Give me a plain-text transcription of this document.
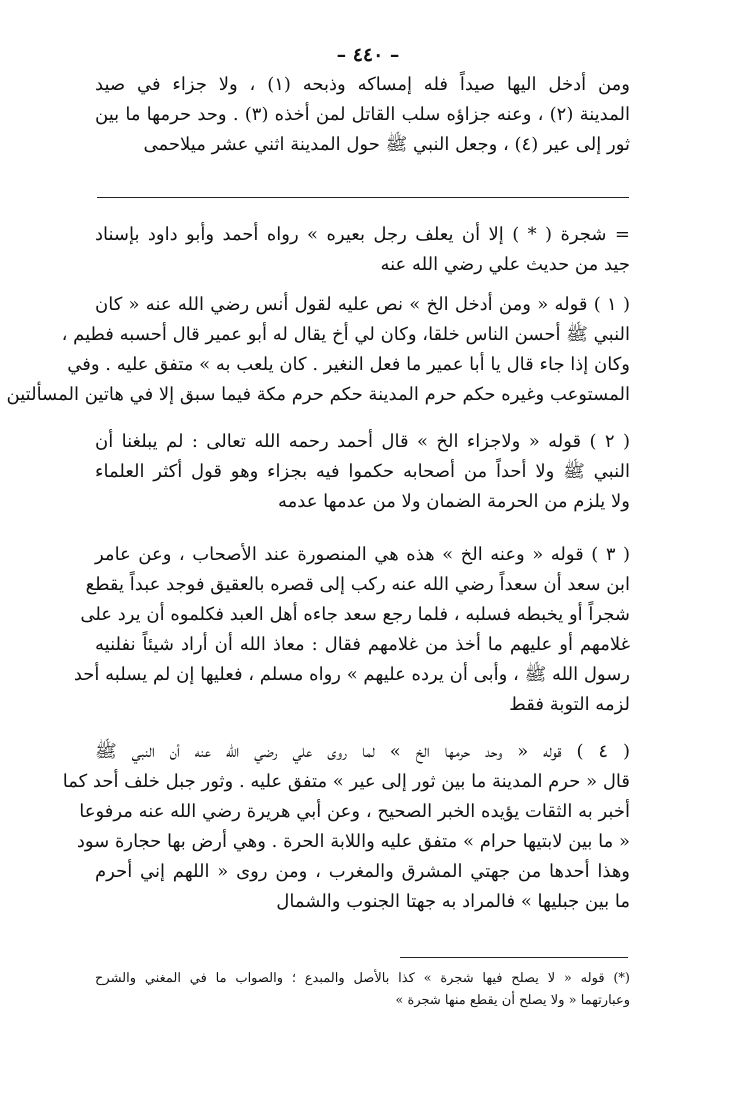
– ٤٤٠ –
ومن أدخل اليها صيداً فله إمساكه وذبحه (١) ، ولا جزاء في صيد
المدينة (٢) ، وعنه جزاؤه سلب القاتل لمن أخذه (٣) . وحد حرمها ما بين
ثور إلى عير (٤) ، وجعل النبي ﷺ حول المدينة اثني عشر ميلاحمى
= شجرة ( * ) إلا أن يعلف رجل بعيره » رواه أحمد وأبو داود بإسناد
جيد من حديث علي رضي الله عنه
( ١ ) قوله « ومن أدخل الخ » نص عليه لقول أنس رضي الله عنه « كان
النبي ﷺ أحسن الناس خلقا، وكان لي أخ يقال له أبو عمير قال أحسبه فطيم ،
وكان إذا جاء قال يا أبا عمير ما فعل النغير . كان يلعب به » متفق عليه . وفي
المستوعب وغيره حكم حرم المدينة حكم حرم مكة فيما سبق إلا في هاتين المسألتين
( ٢ ) قوله « ولاجزاء الخ » قال أحمد رحمه الله تعالى : لم يبلغنا أن
النبي ﷺ ولا أحداً من أصحابه حكموا فيه بجزاء وهو قول أكثر العلماء
ولا يلزم من الحرمة الضمان ولا من عدمها عدمه
( ٣ ) قوله « وعنه الخ » هذه هي المنصورة عند الأصحاب ، وعن عامر
ابن سعد أن سعداً رضي الله عنه ركب إلى قصره بالعقيق فوجد عبداً يقطع
شجراً أو يخبطه فسلبه ، فلما رجع سعد جاءه أهل العبد فكلموه أن يرد على
غلامهم أو عليهم ما أخذ من غلامهم فقال : معاذ الله أن أراد شيئاً نفلنيه
رسول الله ﷺ ، وأبى أن يرده عليهم » رواه مسلم ، فعليها إن لم يسلبه أحد
لزمه التوبة فقط
( ٤ ) قوله « وحد حرمها الخ » لما روى علي رضي الله عنه أن النبي ﷺ
قال « حرم المدينة ما بين ثور إلى عير » متفق عليه . وثور جبل خلف أحد كما
أخبر به الثقات يؤيده الخبر الصحيح ، وعن أبي هريرة رضي الله عنه مرفوعا
« ما بين لابتيها حرام » متفق عليه واللابة الحرة . وهي أرض بها حجارة سود
وهذا أحدها من جهتي المشرق والمغرب ، ومن روى « اللهم إني أحرم
ما بين جبليها » فالمراد به جهتا الجنوب والشمال
(*) قوله « لا يصلح فيها شجرة » كذا بالأصل والمبدع ؛ والصواب ما في المغني والشرح
وعبارتهما « ولا يصلح أن يقطع منها شجرة »
